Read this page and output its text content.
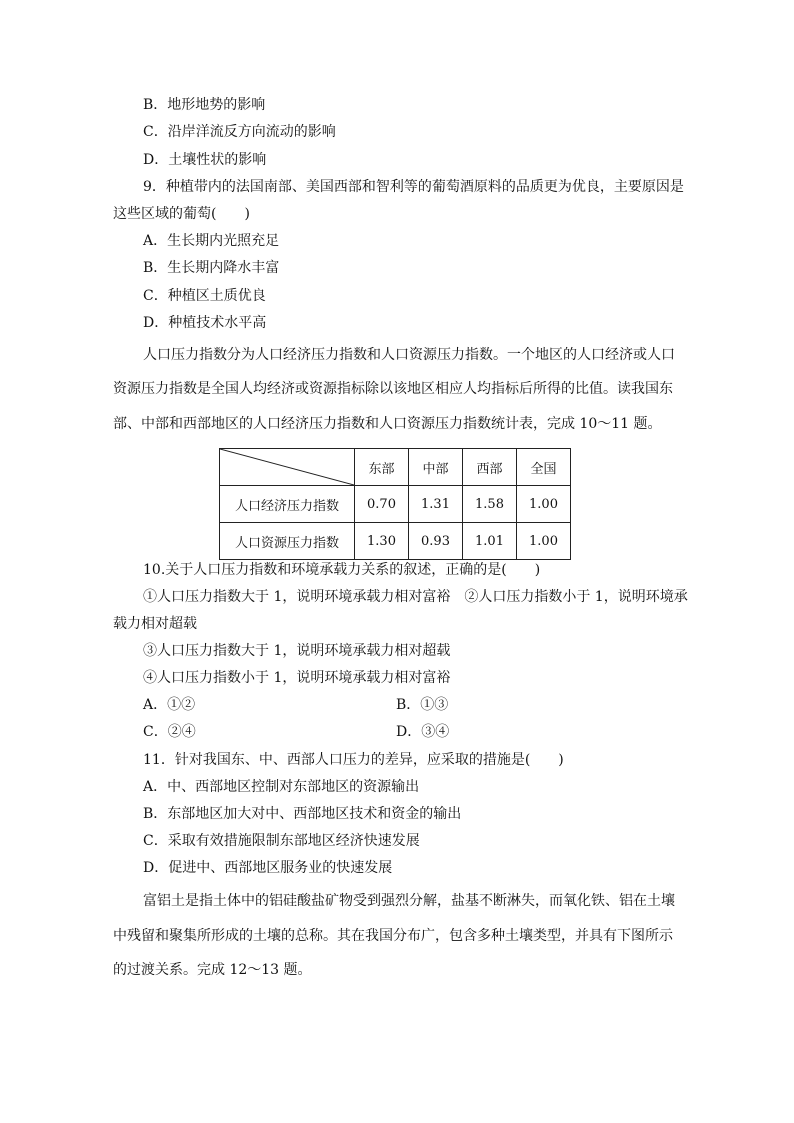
B．地形地势的影响
C．沿岸洋流反方向流动的影响
D．土壤性状的影响
9．种植带内的法国南部、美国西部和智利等的葡萄酒原料的品质更为优良，主要原因是
这些区域的葡萄(　　)
A．生长期内光照充足
B．生长期内降水丰富
C．种植区土质优良
D．种植技术水平高
人口压力指数分为人口经济压力指数和人口资源压力指数。一个地区的人口经济或人口
资源压力指数是全国人均经济或资源指标除以该地区相应人均指标后所得的比值。读我国东
部、中部和西部地区的人口经济压力指数和人口资源压力指数统计表，完成 10～11 题。
	东部	中部	西部	全国
人口经济压力指数	0.70	1.31	1.58	1.00
人口资源压力指数	1.30	0.93	1.01	1.00
10.关于人口压力指数和环境承载力关系的叙述，正确的是(　　)
①人口压力指数大于 1，说明环境承载力相对富裕　②人口压力指数小于 1，说明环境承
载力相对超载
③人口压力指数大于 1，说明环境承载力相对超载
④人口压力指数小于 1，说明环境承载力相对富裕
A．①②	B．①③
C．②④	D．③④
11．针对我国东、中、西部人口压力的差异，应采取的措施是(　　)
A．中、西部地区控制对东部地区的资源输出
B．东部地区加大对中、西部地区技术和资金的输出
C．采取有效措施限制东部地区经济快速发展
D．促进中、西部地区服务业的快速发展
富铝土是指土体中的铝硅酸盐矿物受到强烈分解，盐基不断淋失，而氧化铁、铝在土壤
中残留和聚集所形成的土壤的总称。其在我国分布广，包含多种土壤类型，并具有下图所示
的过渡关系。完成 12～13 题。
